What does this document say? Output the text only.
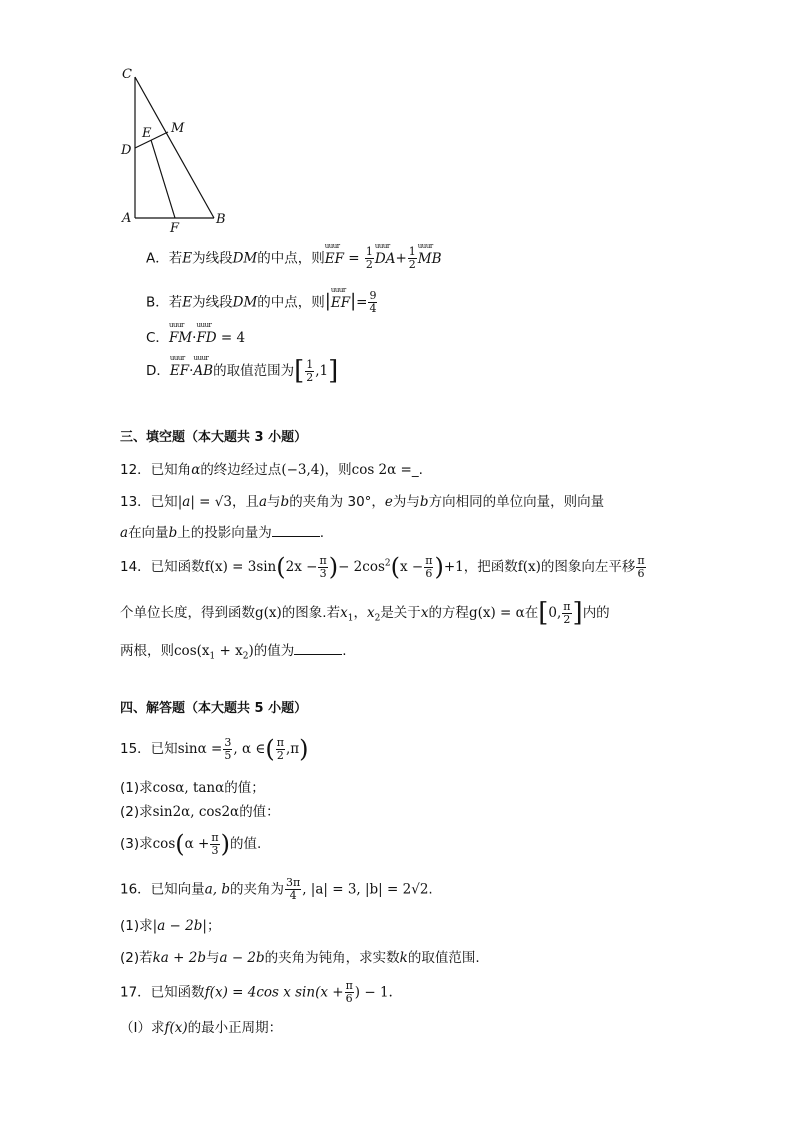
C
E M
D
A
F
B
A．若E为线段DM的中点，则uuur EF = $\frac{1}{2}$ uuur $DA+ \frac{1}{2}$ uuur MB
B．若E为线段DM的中点，则|uuur $EF|= \frac{9}{4}$
C．uuur FM·uuur FD = 4
D．uuur EF·uuur AB的取值范围为[ $\frac{1}{2} ,1$]
三、填空题（本大题共 3 小题）
12．已知角α的终边经过点(−3,4)，则cos 2α =_.
13．已知|a| = √3，且a与b的夹角为 30°，e为与b方向相同的单位向量，则向量
a在向量b上的投影向量为	.
14．已知函数$f(x) = 3\sin(2x - \frac{\pi}{3}$ )− $2\cos^2(x - \frac{\pi}{6} )+1$，把函数f(x)的图象向左平移 $\frac{\pi}{6}$
个单位长度，得到函数g(x)的图象.若$x_1$，$x_2$是关于x的方程g(x) = α在[0, $\frac{\pi}{2}$ ]内的
两根，则$\cos(x_1 + x_2)$的值为	.
四、解答题（本大题共 5 小题）
15．已知$\sin\alpha = \frac{3}{5}$ , α ∈( $\frac{\pi}{2} ,\pi$)
(1)求cosα, tanα的值；
(2)求sin2α, cos2α的值：
(3)求$\cos(\alpha + \frac{\pi}{3}$ )的值.
16．已知向量a, b的夹角为 $\frac{3\pi}{4}$ , |a| = 3, |b| = 2√2.
(1)求|a − 2b|；
(2)若ka + 2b与a − 2b的夹角为钝角，求实数k的取值范围.
17．已知函数f(x) = 4cos x $\sin(x + \frac{\pi}{6}$ ) − 1.
（I）求f(x)的最小正周期：
